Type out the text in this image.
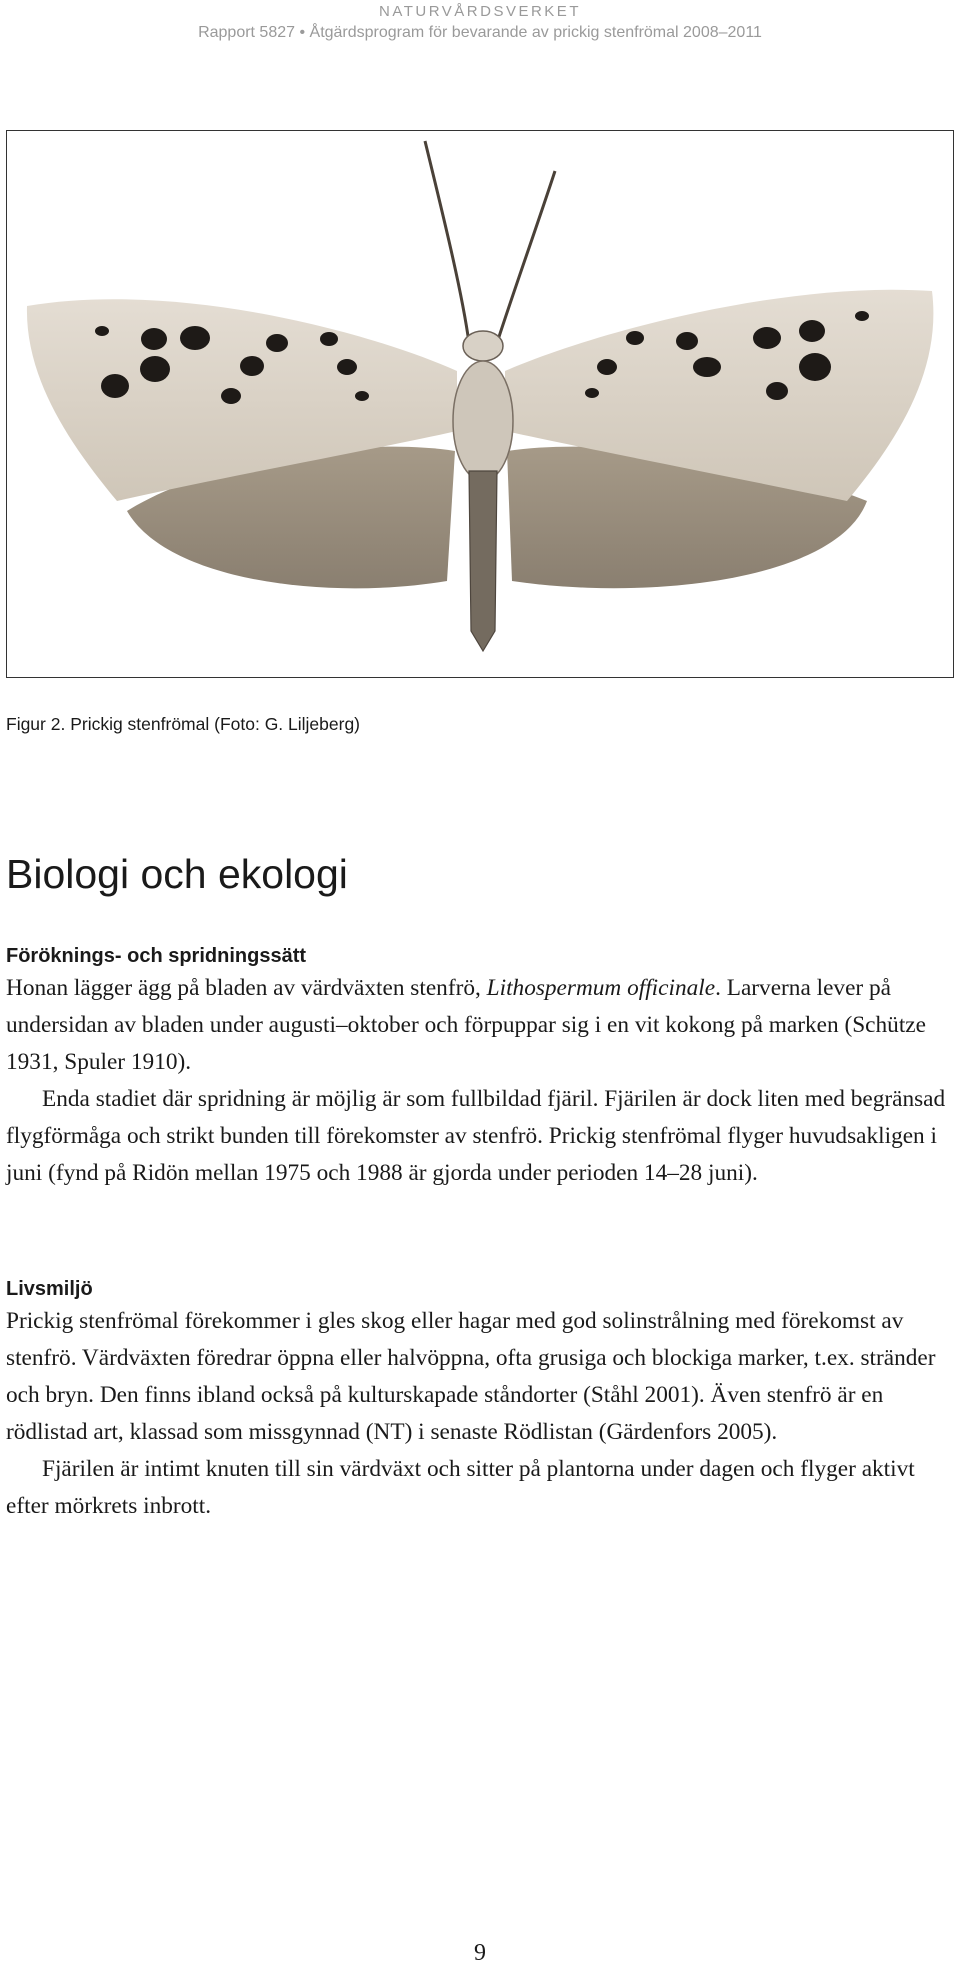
NATURVÅRDSVERKET
Rapport 5827 • Åtgärdsprogram för bevarande av prickig stenfrömal 2008–2011
Figur 2. Prickig stenfrömal (Foto: G. Liljeberg)
Biologi och ekologi
Föröknings- och spridningssätt

Honan lägger ägg på bladen av värdväxten stenfrö, Lithospermum officinale. Larverna lever på undersidan av bladen under augusti–oktober och förpuppar sig i en vit kokong på marken (Schütze 1931, Spuler 1910).

Enda stadiet där spridning är möjlig är som fullbildad fjäril. Fjärilen är dock liten med begränsad flygförmåga och strikt bunden till förekomster av stenfrö. Prickig stenfrömal flyger huvudsakligen i juni (fynd på Ridön mellan 1975 och 1988 är gjorda under perioden 14–28 juni).

Livsmiljö

Prickig stenfrömal förekommer i gles skog eller hagar med god solinstrålning med förekomst av stenfrö. Värdväxten föredrar öppna eller halvöppna, ofta grusiga och blockiga marker, t.ex. stränder och bryn. Den finns ibland också på kulturskapade ståndorter (Ståhl 2001). Även stenfrö är en rödlistad art, klassad som missgynnad (NT) i senaste Rödlistan (Gärdenfors 2005).

Fjärilen är intimt knuten till sin värdväxt och sitter på plantorna under dagen och flyger aktivt efter mörkrets inbrott.

9
